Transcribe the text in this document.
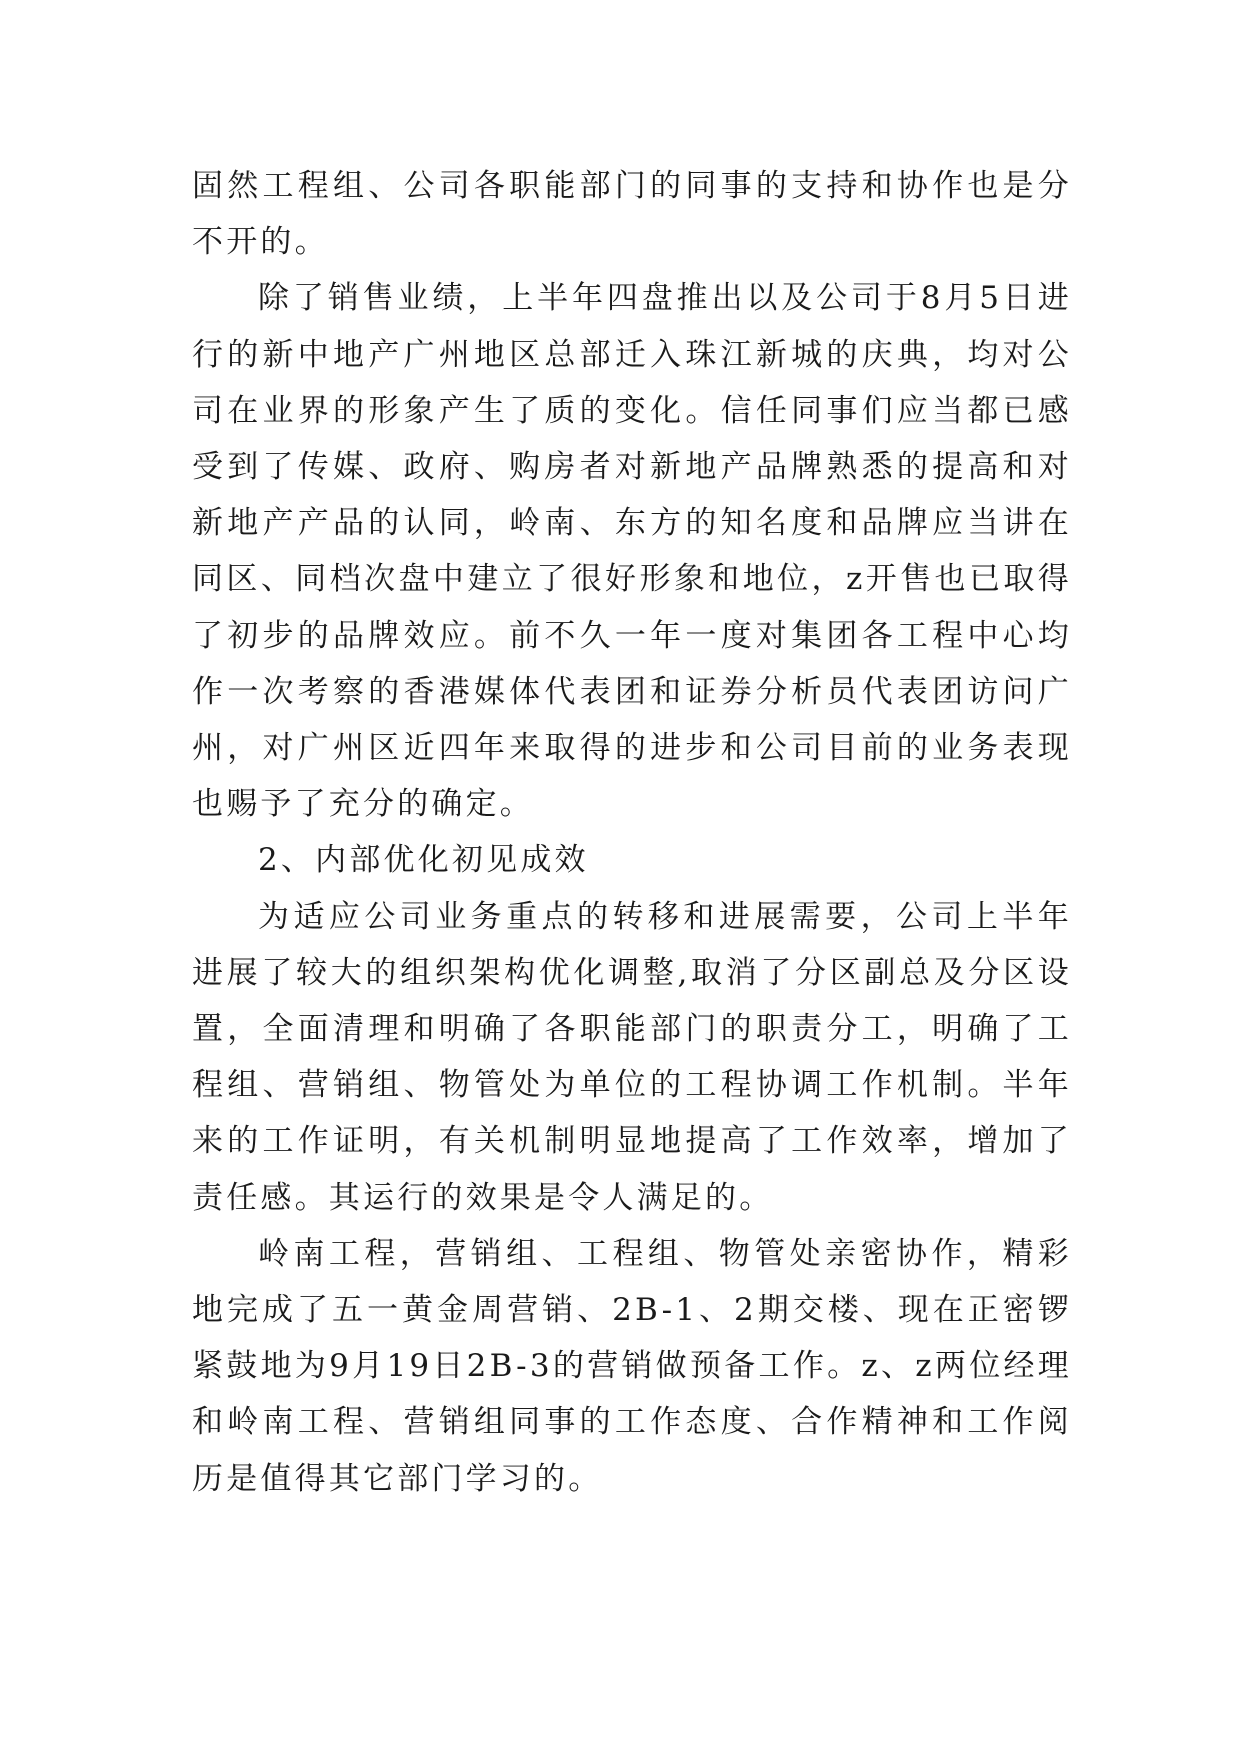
固然工程组、公司各职能部门的同事的支持和协作也是分不开的。

除了销售业绩，上半年四盘推出以及公司于8月5日进行的新中地产广州地区总部迁入珠江新城的庆典，均对公司在业界的形象产生了质的变化。信任同事们应当都已感受到了传媒、政府、购房者对新地产品牌熟悉的提高和对新地产产品的认同，岭南、东方的知名度和品牌应当讲在同区、同档次盘中建立了很好形象和地位，z开售也已取得了初步的品牌效应。前不久一年一度对集团各工程中心均作一次考察的香港媒体代表团和证券分析员代表团访问广州，对广州区近四年来取得的进步和公司目前的业务表现也赐予了充分的确定。

2、内部优化初见成效

为适应公司业务重点的转移和进展需要，公司上半年进展了较大的组织架构优化调整,取消了分区副总及分区设置，全面清理和明确了各职能部门的职责分工，明确了工程组、营销组、物管处为单位的工程协调工作机制。半年来的工作证明，有关机制明显地提高了工作效率，增加了责任感。其运行的效果是令人满足的。

岭南工程，营销组、工程组、物管处亲密协作，精彩地完成了五一黄金周营销、2B-1、2期交楼、现在正密锣紧鼓地为9月19日2B-3的营销做预备工作。z、z两位经理和岭南工程、营销组同事的工作态度、合作精神和工作阅历是值得其它部门学习的。
